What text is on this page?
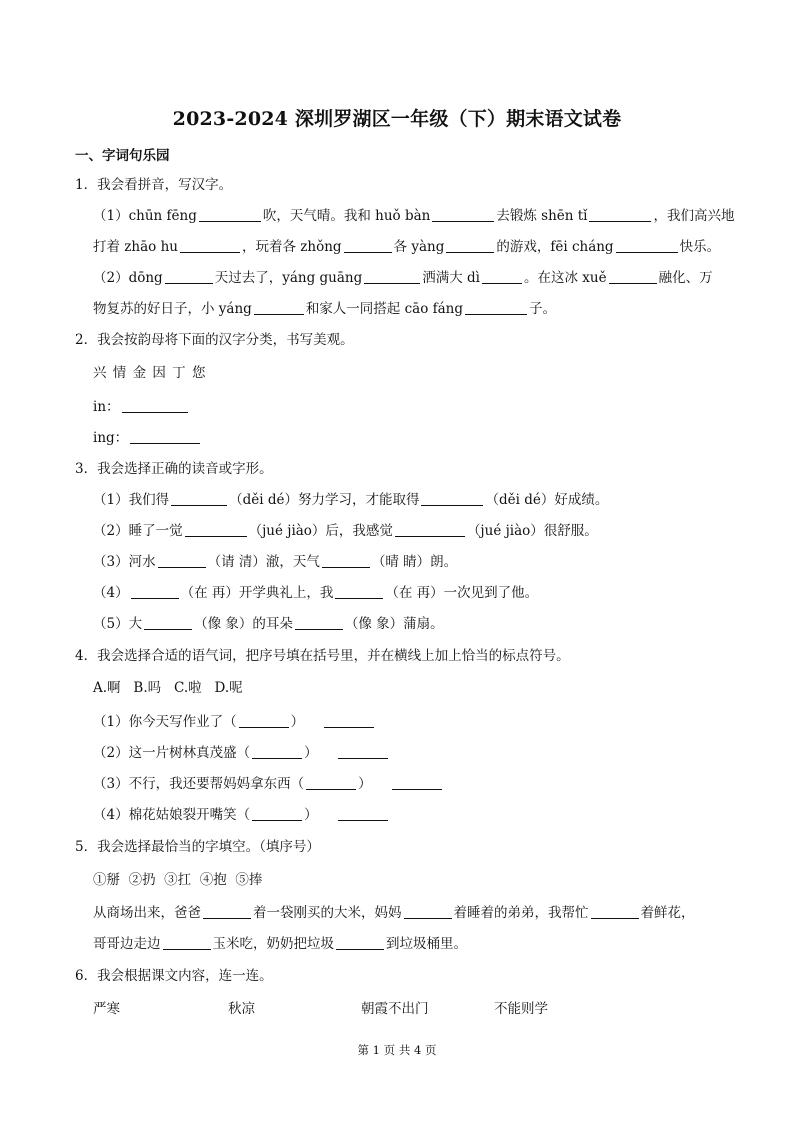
2023-2024 深圳罗湖区一年级（下）期末语文试卷
一、字词句乐园
1．我会看拼音，写汉字。
（1）chūn fēng	吹，天气晴。我和 huǒ bàn	去锻炼 shēn tǐ	，我们高兴地
打着 zhāo hu	，玩着各 zhǒng	各 yàng	的游戏，fēi cháng	快乐。
（2）dōng	天过去了，yáng guāng	洒满大 dì	。在这冰 xuě	融化、万
物复苏的好日子，小 yáng	和家人一同搭起 cāo fáng	子。
2．我会按韵母将下面的汉字分类，书写美观。
兴 情 金 因 丁 您
in：
ing：
3．我会选择正确的读音或字形。
（1）我们得	（děi dé）努力学习，才能取得	（děi dé）好成绩。
（2）睡了一觉	（jué jiào）后，我感觉	（jué jiào）很舒服。
（3）河水	（请 清）澈，天气	（晴 睛）朗。
（4）	（在 再）开学典礼上，我	（在 再）一次见到了他。
（5）大	（像 象）的耳朵	（像 象）蒲扇。
4．我会选择合适的语气词，把序号填在括号里，并在横线上加上恰当的标点符号。
A.啊   B.吗   C.啦   D.呢
（1）你今天写作业了（	）
（2）这一片树林真茂盛（	）
（3）不行，我还要帮妈妈拿东西（	）
（4）棉花姑娘裂开嘴笑（	）
5．我会选择最恰当的字填空。（填序号）
①掰  ②扔  ③扛  ④抱  ⑤捧
从商场出来，爸爸	着一袋刚买的大米，妈妈	着睡着的弟弟，我帮忙	着鲜花，
哥哥边走边	玉米吃，奶奶把垃圾	到垃圾桶里。
6．我会根据课文内容，连一连。
严寒	秋凉	朝霞不出门	不能则学
第 1 页 共 4 页
